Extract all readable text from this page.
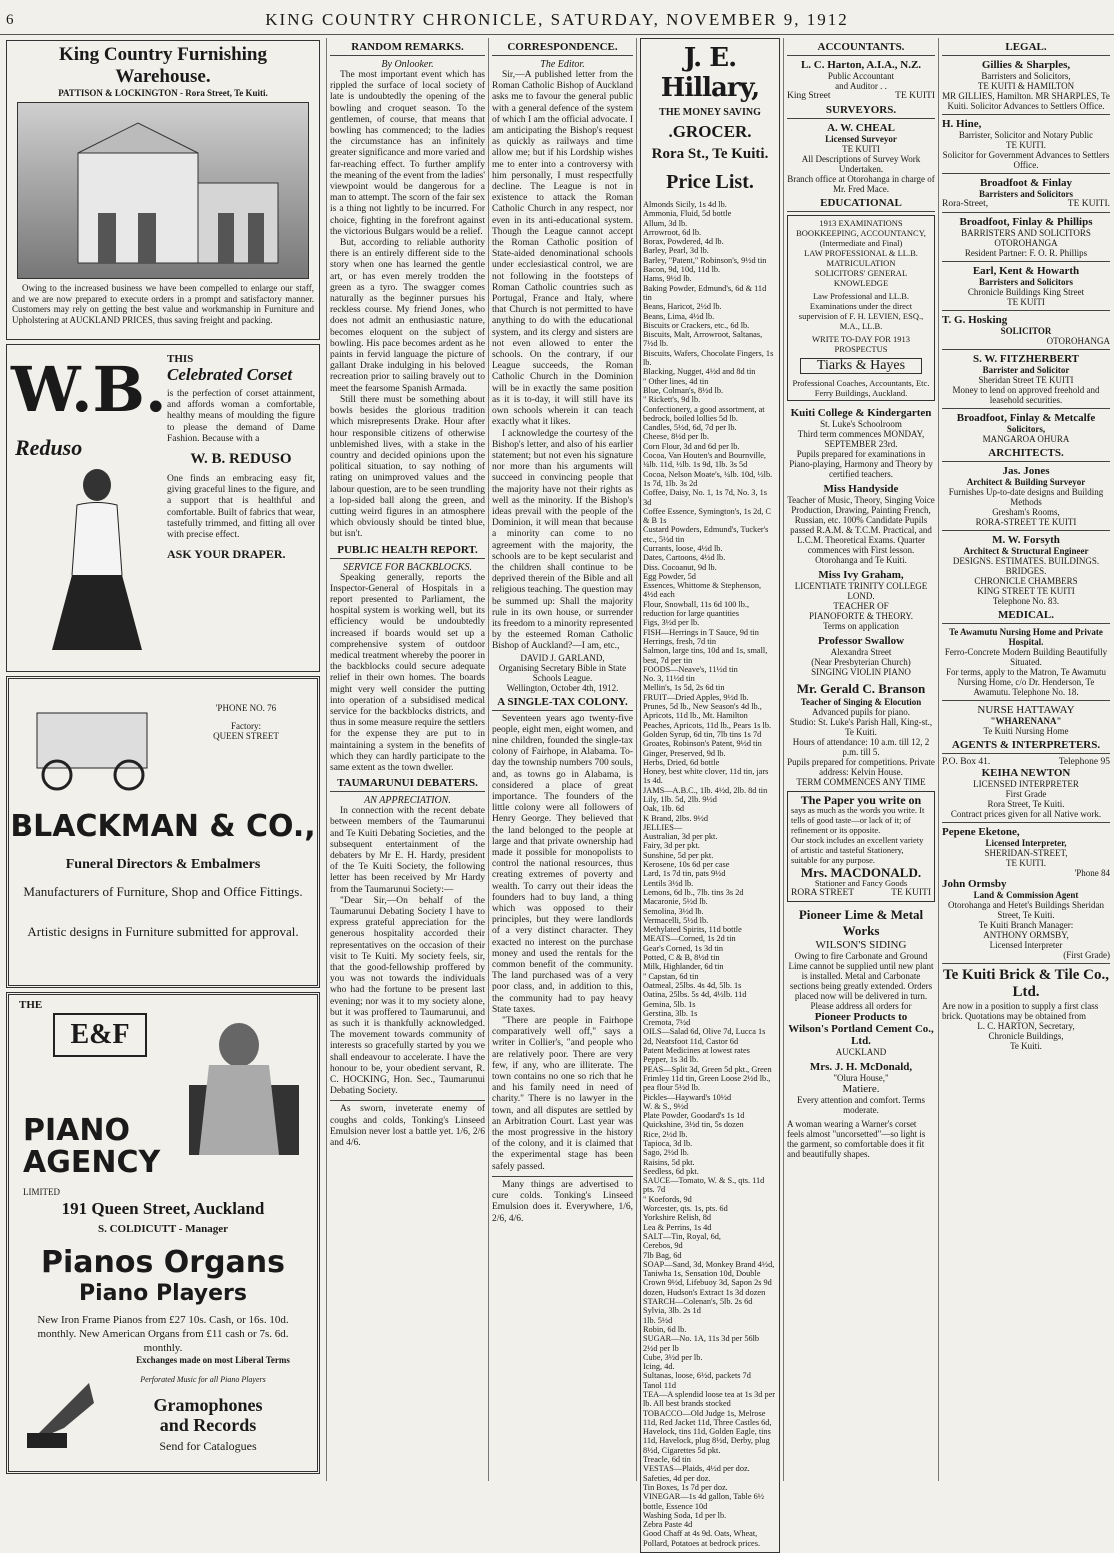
6	KING COUNTRY CHRONICLE, SATURDAY, NOVEMBER 9, 1912
King Country Furnishing Warehouse.
PATTISON & LOCKINGTON - Rora Street, Te Kuiti.

Owing to the increased business we have been compelled to enlarge our staff, and we are now prepared to execute orders in a prompt and satisfactory manner. Customers may rely on getting the best value and workmanship in Furniture and Upholstering at AUCKLAND PRICES, thus saving freight and packing.

W.B.
Reduso
THIS
Celebrated Corset

is the perfection of corset attainment, and affords woman a comfortable, healthy means of moulding the figure to please the demand of Dame Fashion. Because with a

W. B. REDUSO

One finds an embracing easy fit, giving graceful lines to the figure, and a support that is healthful and comfortable. Built of fabrics that wear, tastefully trimmed, and fitting all over with precise effect.

ASK YOUR DRAPER.
'PHONE NO. 76
Factory:
QUEEN STREET
BLACKMAN & CO.,
Funeral Directors & Embalmers
Manufacturers of Furniture, Shop and Office Fittings.
Artistic designs in Furniture submitted for approval.
THE
E&F
PIANO
AGENCY
LIMITED
191 Queen Street, Auckland
S. COLDICUTT - Manager
Pianos Organs
Piano Players
New Iron Frame Pianos from £27 10s. Cash, or 16s. 10d. monthly. New American Organs from £11 cash or 7s. 6d. monthly.
Exchanges made on most Liberal Terms
Perforated Music for all Piano Players
Gramophones
and Records
Send for Catalogues
RANDOM REMARKS.
By Onlooker.

The most important event which has rippled the surface of local society of late is undoubtedly the opening of the bowling and croquet season. To the gentlemen, of course, that means that bowling has commenced; to the ladies the circumstance has an infinitely greater significance and more varied and far-reaching effect. To further amplify the meaning of the event from the ladies' viewpoint would be dangerous for a man to attempt. The scorn of the fair sex is a thing not lightly to be incurred. For choice, fighting in the forefront against the victorious Bulgars would be a relief.

But, according to reliable authority there is an entirely different side to the story when one has learned the gentle art, or has even merely trodden the green as a tyro. The swagger comes naturally as the beginner pursues his reckless course. My friend Jones, who does not admit an enthusiastic nature, becomes eloquent on the subject of bowling. His pace becomes ardent as he paints in fervid language the picture of gallant Drake indulging in his beloved recreation prior to sailing bravely out to meet the fearsome Spanish Armada.

Still there must be something about bowls besides the glorious tradition which misrepresents Drake. Hour after hour responsible citizens of otherwise unblemished lives, with a stake in the country and decided opinions upon the political situation, to say nothing of rating on unimproved values and the labour question, are to be seen trundling a lop-sided ball along the green, and cutting weird figures in an atmosphere which obviously should be tinted blue, but isn't.

PUBLIC HEALTH REPORT.
SERVICE FOR BACKBLOCKS.

Speaking generally, reports the Inspector-General of Hospitals in a report presented to Parliament, the hospital system is working well, but its efficiency would be undoubtedly increased if boards would set up a comprehensive system of outdoor medical treatment whereby the poorer in the backblocks could secure adequate relief in their own homes. The boards might very well consider the putting into operation of a subsidised medical service for the backblocks districts, and thus in some measure require the settlers for the expense they are put to in maintaining a system in the benefits of which they can hardly participate to the same extent as the town dweller.

TAUMARUNUI DEBATERS.
AN APPRECIATION.

In connection with the recent debate between members of the Taumarunui and Te Kuiti Debating Societies, and the subsequent entertainment of the debaters by Mr E. H. Hardy, president of the Te Kuiti Society, the following letter has been received by Mr Hardy from the Taumarunui Society:—

"Dear Sir,—On behalf of the Taumarunui Debating Society I have to express grateful appreciation for the generous hospitality accorded their representatives on the occasion of their visit to Te Kuiti. My society feels, sir, that the good-fellowship proffered by you was not towards the individuals who had the fortune to be present last evening; nor was it to my society alone, but it was proffered to Taumarunui, and as such it is thankfully acknowledged. The movement towards community of interests so gracefully started by you we shall endeavour to accelerate. I have the honour to be, your obedient servant, R. C. HOCKING, Hon. Sec., Taumarunui Debating Society.

As sworn, inveterate enemy of coughs and colds, Tonking's Linseed Emulsion never lost a battle yet. 1/6, 2/6 and 4/6.

CORRESPONDENCE.
The Editor.

Sir,—A published letter from the Roman Catholic Bishop of Auckland asks me to favour the general public with a general defence of the system of which I am the official advocate. I am anticipating the Bishop's request as quickly as railways and time allow me; but if his Lordship wishes me to enter into a controversy with him personally, I must respectfully decline. The League is not in existence to attack the Roman Catholic Church in any respect, nor even in its anti-educational system. Though the League cannot accept the Roman Catholic position of State-aided denominational schools under ecclesiastical control, we are not following in the footsteps of Roman Catholic countries such as Portugal, France and Italy, where that Church is not permitted to have anything to do with the educational system, and its clergy and sisters are not even allowed to enter the schools. On the contrary, if our League succeeds, the Roman Catholic Church in the Dominion will be in exactly the same position as it is to-day, it will still have its own schools wherein it can teach exactly what it likes.

I acknowledge the courtesy of the Bishop's letter, and also of his earlier statement; but not even his signature nor more than his arguments will succeed in convincing people that the majority have not their rights as well as the minority. If the Bishop's ideas prevail with the people of the Dominion, it will mean that because a minority can come to no agreement with the majority, the schools are to be kept secularist and the children shall continue to be deprived therein of the Bible and all religious teaching. The question may be summed up: Shall the majority rule in its own house, or surrender its freedom to a minority represented by the esteemed Roman Catholic Bishop of Auckland?—I am, etc.,

DAVID J. GARLAND,
Organising Secretary Bible in State Schools League.
Wellington, October 4th, 1912.
A SINGLE-TAX COLONY.

Seventeen years ago twenty-five people, eight men, eight women, and nine children, founded the single-tax colony of Fairhope, in Alabama. To-day the township numbers 700 souls, and, as towns go in Alabama, is considered a place of great importance. The founders of the little colony were all followers of Henry George. They believed that the land belonged to the people at large and that private ownership had made it possible for monopolists to control the national resources, thus creating extremes of poverty and wealth. To carry out their ideas the founders had to buy land, a thing which was opposed to their principles, but they were landlords of a very distinct character. They exacted no interest on the purchase money and used the rentals for the common benefit of the community. The land purchased was of a very poor class, and, in addition to this, the community had to pay heavy State taxes.

"There are people in Fairhope comparatively well off," says a writer in Collier's, "and people who are relatively poor. There are very few, if any, who are illiterate. The town contains no one so rich that he and his family need in need of charity." There is no lawyer in the town, and all disputes are settled by an Arbitration Court. Last year was the most progressive in the history of the colony, and it is claimed that the experimental stage has been safely passed.

Many things are advertised to cure colds. Tonking's Linseed Emulsion does it. Everywhere, 1/6, 2/6, 4/6.

J. E. Hillary,
THE MONEY SAVING
.GROCER.
Rora St., Te Kuiti.
Price List.
Almonds Sicily, 1s 4d lb.
Ammonia, Fluid, 5d bottle
Allum, 3d lb.
Arrowroot, 6d lb.
Borax, Powdered, 4d lb.
Barley, Pearl, 3d lb.
Barley, "Patent," Robinson's, 9½d tin
Bacon, 9d, 10d, 11d lb.
Hams, 9½d lb.
Baking Powder, Edmund's, 6d & 11d tin
Beans, Haricot, 2½d lb.
Beans, Lima, 4½d lb.
Biscuits or Crackers, etc., 6d lb.
Biscuits, Malt, Arrowroot, Saltanas, 7½d lb.
Biscuits, Wafers, Chocolate Fingers, 1s lb.
Blacking, Nugget, 4½d and 8d tin
" Other lines, 4d tin
Blue, Colman's, 8½d lb.
" Rickett's, 9d lb.
Confectionery, a good assortment, at bedrock, boiled lollies 5d lb.
Candles, 5½d, 6d, 7d per lb.
Cheese, 8½d per lb.
Corn Flour, 3d and 6d per lb.
Cocoa, Van Houten's and Bournville, ¼lb. 11d, ½lb. 1s 9d, 1lb. 3s 5d
Cocoa, Nelson Moate's, ¼lb. 10d, ½lb. 1s 7d, 1lb. 3s 2d
Coffee, Daisy, No. 1, 1s 7d, No. 3, 1s 3d
Coffee Essence, Symington's, 1s 2d, C & B 1s
Custard Powders, Edmund's, Tucker's etc., 5½d tin
Currants, loose, 4½d lb.
Dates, Cartoons, 4½d lb.
Diss. Cocoanut, 9d lb.
Egg Powder, 5d
Essences, Whittome & Stephenson, 4½d each
Flour, Snowball, 11s 6d 100 lb., reduction for large quantities
Figs, 3½d per lb.
FISH—Herrings in T Sauce, 9d tin
Herrings, fresh, 7d tin
Salmon, large tins, 10d and 1s, small, best, 7d per tin
FOODS—Neave's, 11½d tin
No. 3, 11½d tin
Mellin's, 1s 5d, 2s 6d tin
FRUIT—Dried Apples, 9½d lb.
Prunes, 5d lb., New Season's 4d lb., Apricots, 11d lb., Mt. Hamilton Peaches, Apricots, 11d lb., Pears 1s lb.
Golden Syrup, 6d tin, 7lb tins 1s 7d
Groates, Robinson's Patent, 9½d tin
Ginger, Preserved, 9d lb.
Herbs, Dried, 6d bottle
Honey, best white clover, 11d tin, jars 1s 4d.
JAMS—A.B.C., 1lb. 4½d, 2lb. 8d tin
Lily, 1lb. 5d, 2lb. 9½d
Oak, 1lb. 6d
K Brand, 2lbs. 9½d
JELLIES—
Australian, 3d per pkt.
Fairy, 3d per pkt.
Sunshine, 5d per pkt.
Kerosene, 10s 6d per case
Lard, 1s 7d tin, pats 9½d
Lentils 3½d lb.
Lemons, 6d lb., 7lb. tins 3s 2d
Macaronie, 5½d lb.
Semolina, 3½d lb.
Vermacelli, 5½d lb.
Methylated Spirits, 11d bottle
MEATS—Corned, 1s 2d tin
Gear's Corned, 1s 3d tin
Potted, C & B, 8½d tin
Milk, Highlander, 6d tin
" Capstan, 6d tin
Oatmeal, 25lbs. 4s 4d, 5lb. 1s
Oatina, 25lbs. 5s 4d, 4½lb. 11d
Gemina, 5lb. 1s
Gerstina, 3lb. 1s
Cremota, 7½d
OILS—Salad 6d, Olive 7d, Lucca 1s 2d, Neatsfoot 11d, Castor 6d
Patent Medicines at lowest rates
Pepper, 1s 3d lb.
PEAS—Split 3d, Green 5d pkt., Green Frimley 11d tin, Green Loose 2½d lb., pea flour 5½d lb.
Pickles—Hayward's 10½d
W. & S., 9½d
Plate Powder, Goodard's 1s 1d
Quickshine, 3½d tin, 5s dozen
Rice, 2½d lb.
Tapioca, 3d lb.
Sago, 2½d lb.
Raisins, 5d pkt.
Seedless, 6d pkt.
SAUCE—Tomato, W. & S., qts. 11d pts. 7d
" Koefords, 9d
Worcester, qts. 1s, pts. 6d
Yorkshire Relish, 8d
Lea & Perrins, 1s 4d
SALT—Tin, Royal, 6d,
Cerebos, 9d
7lb Bag, 6d
SOAP—Sand, 3d, Monkey Brand 4½d, Taniwha 1s, Sensation 10d, Double Crown 9½d, Lifebuoy 3d, Sapon 2s 9d dozen, Hudson's Extract 1s 3d dozen
STARCH—Colenan's, 5lb. 2s 6d
Sylvia, 3lb. 2s 1d
1lb. 5½d
Robin, 6d lb.
SUGAR—No. 1A, 11s 3d per 56lb
2½d per lb
Cube, 3½d per lb.
Icing, 4d.
Sultanas, loose, 6½d, packets 7d
Tanol 11d
TEA—A splendid loose tea at 1s 3d per lb. All best brands stocked
TOBACCO—Old Judge 1s, Melrose 11d, Red Jacket 11d, Three Castles 6d, Havelock, tins 11d, Golden Eagle, tins 11d, Havelock, plug 8½d, Derby, plug 8½d, Cigarettes 5d pkt.
Treacle, 6d tin
VESTAS—Plaids, 4½d per doz.
Safeties, 4d per doz.
Tin Boxes, 1s 7d per doz.
VINEGAR—1s 4d gallon, Table 6½ bottle, Essence 10d
Washing Soda, 1d per lb.
Zebra Paste 4d
Good Chaff at 4s 9d. Oats, Wheat, Pollard, Potatoes at bedrock prices.
ACCOUNTANTS.
L. C. Harton, A.I.A., N.Z.
Public Accountant
and Auditor . .
King Street	TE KUITI
SURVEYORS.
A. W. CHEAL
Licensed Surveyor
TE KUITI
All Descriptions of Survey Work Undertaken.
Branch office at Otorohanga in charge of Mr. Fred Mace.
EDUCATIONAL
1913 EXAMINATIONS
BOOKKEEPING, ACCOUNTANCY,
(Intermediate and Final)
LAW PROFESSIONAL & LL.B.
MATRICULATION
SOLICITORS' GENERAL KNOWLEDGE
Law Professional and LL.B. Examinations under the direct supervision of F. H. LEVIEN, ESQ., M.A., LL.B.
WRITE TO-DAY FOR 1913 PROSPECTUS
Tiarks & Hayes
Professional Coaches, Accountants, Etc. Ferry Buildings, Auckland.
Kuiti College & Kindergarten
St. Luke's Schoolroom
Third term commences MONDAY, SEPTEMBER 23rd.
Pupils prepared for examinations in Piano-playing, Harmony and Theory by certified teachers.
Miss Handyside
Teacher of Music, Theory, Singing Voice Production, Drawing, Painting French, Russian, etc. 100% Candidate Pupils passed R.A.M. & T.C.M. Practical, and L.C.M. Theoretical Exams. Quarter commences with First lesson. Otorohanga and Te Kuiti.
Miss Ivy Graham,
LICENTIATE TRINITY COLLEGE LOND.
TEACHER OF
PIANOFORTE & THEORY.
Terms on application
Professor Swallow
Alexandra Street
(Near Presbyterian Church)
SINGING VIOLIN PIANO
Mr. Gerald C. Branson
Teacher of Singing & Elocution
Advanced pupils for piano.
Studio: St. Luke's Parish Hall, King-st., Te Kuiti.
Hours of attendance: 10 a.m. till 12, 2 p.m. till 5.
Pupils prepared for competitions. Private address: Kelvin House.
TERM COMMENCES ANY TIME
The Paper you write on
says as much as the words you write. It tells of good taste—or lack of it; of refinement or its opposite.
Our stock includes an excellent variety of artistic and tasteful Stationery, suitable for any purpose.
Mrs. MACDONALD.
Stationer and Fancy Goods
RORA STREET	TE KUITI
Pioneer Lime & Metal Works
WILSON'S SIDING
Owing to fire Carbonate and Ground Lime cannot be supplied until new plant is installed. Metal and Carbonate sections being greatly extended. Orders placed now will be delivered in turn.
Please address all orders for
Pioneer Products to
Wilson's Portland Cement Co., Ltd.
AUCKLAND
Mrs. J. H. McDonald,
"Olura House,"
Matiere.
Every attention and comfort. Terms moderate.
A woman wearing a Warner's corset feels almost "uncorsetted"—so light is the garment, so comfortable does it fit and beautifully shapes.
LEGAL.
Gillies & Sharples,
Barristers and Solicitors,
TE KUITI & HAMILTON
MR GILLIES, Hamilton. MR SHARPLES, Te Kuiti. Solicitor Advances to Settlers Office.
H. Hine,
Barrister, Solicitor and Notary Public
TE KUITI.
Solicitor for Government Advances to Settlers Office.
Broadfoot & Finlay
Barristers and Solicitors
Rora-Street,	TE KUITI.
Broadfoot, Finlay & Phillips
BARRISTERS AND SOLICITORS
OTOROHANGA
Resident Partner: F. O. R. Phillips
Earl, Kent & Howarth
Barristers and Solicitors
Chronicle Buildings King Street
TE KUITI
T. G. Hosking
SOLICITOR
OTOROHANGA
S. W. FITZHERBERT
Barrister and Solicitor
Sheridan Street TE KUITI
Money to lend on approved freehold and leasehold securities.
Broadfoot, Finlay & Metcalfe
Solicitors,
MANGAROA OHURA
ARCHITECTS.
Jas. Jones
Architect & Building Surveyor
Furnishes Up-to-date designs and Building Methods
Gresham's Rooms,
RORA-STREET TE KUITI
M. W. Forsyth
Architect & Structural Engineer
DESIGNS. ESTIMATES. BUILDINGS. BRIDGES.
CHRONICLE CHAMBERS
KING STREET TE KUITI
Telephone No. 83.
MEDICAL.
Te Awamutu Nursing Home and Private Hospital.
Ferro-Concrete Modern Building Beautifully Situated.
For terms, apply to the Matron, Te Awamutu Nursing Home, c/o Dr. Henderson, Te Awamutu. Telephone No. 18.
NURSE HATTAWAY
"WHARENANA"
Te Kuiti Nursing Home
AGENTS & INTERPRETERS.
P.O. Box 41.	Telephone 95
KEIHA NEWTON
LICENSED INTERPRETER
First Grade
Rora Street, Te Kuiti.
Contract prices given for all Native work.
Pepene Eketone,
Licensed Interpreter,
SHERIDAN-STREET,
TE KUITI.
'Phone 84
John Ormsby
Land & Commission Agent
Otorohanga and Hetet's Buildings Sheridan Street, Te Kuiti.
Te Kuiti Branch Manager:
ANTHONY ORMSBY,
Licensed Interpreter
(First Grade)
Te Kuiti Brick & Tile Co., Ltd.
Are now in a position to supply a first class brick. Quotations may be obtained from
L. C. HARTON, Secretary,
Chronicle Buildings,
Te Kuiti.
